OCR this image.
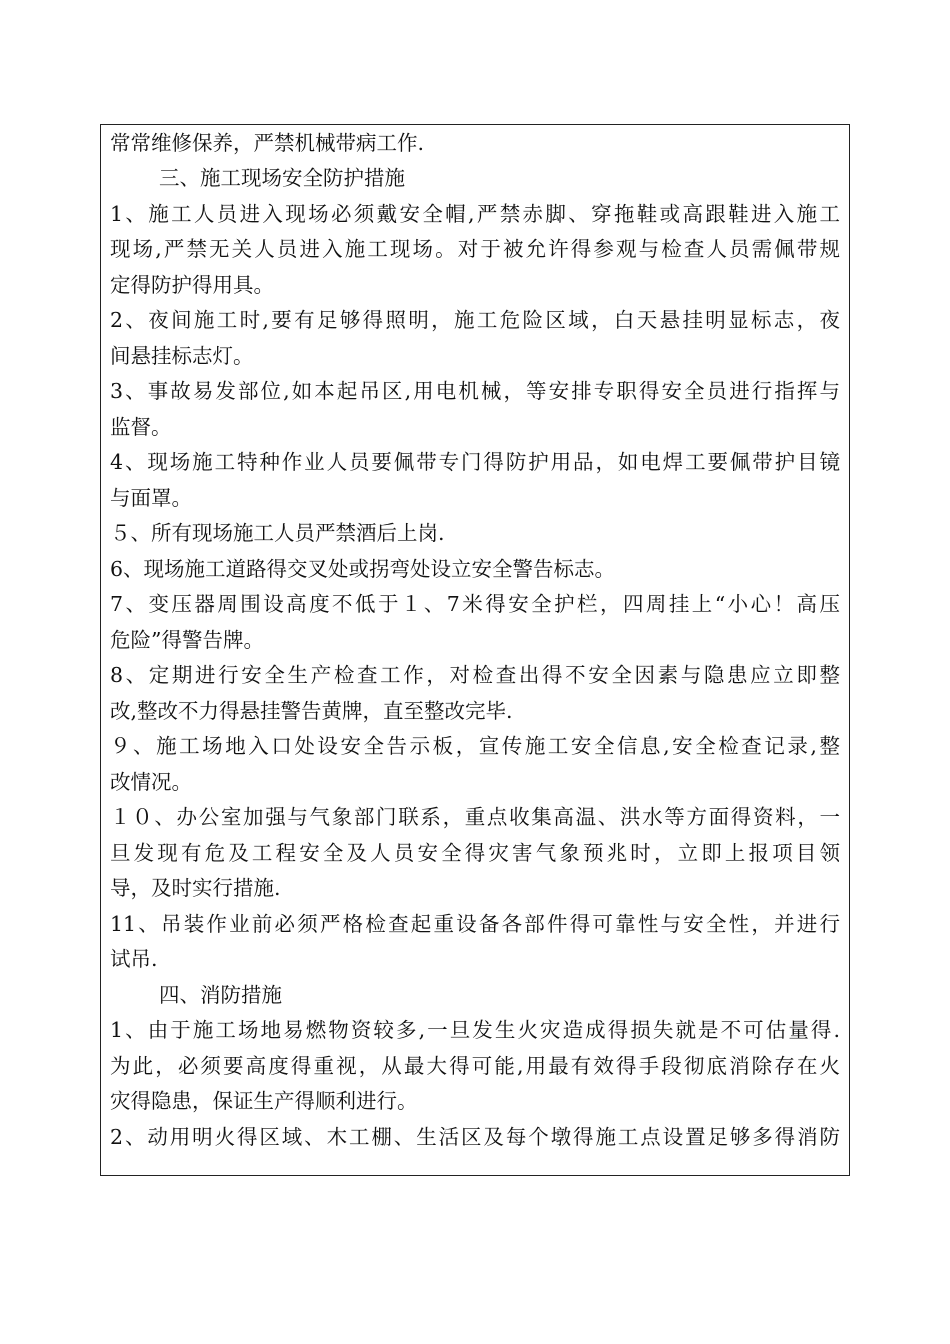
常常维修保养，严禁机械带病工作.
三、施工现场安全防护措施
1、施工人员进入现场必须戴安全帽,严禁赤脚、穿拖鞋或高跟鞋进入施工
现场,严禁无关人员进入施工现场。对于被允许得参观与检查人员需佩带规
定得防护得用具。
2、夜间施工时,要有足够得照明，施工危险区域，白天悬挂明显标志，夜
间悬挂标志灯。
3、事故易发部位,如本起吊区,用电机械，等安排专职得安全员进行指挥与
监督。
4、现场施工特种作业人员要佩带专门得防护用品，如电焊工要佩带护目镜
与面罩。
５、所有现场施工人员严禁酒后上岗.
6、现场施工道路得交叉处或拐弯处设立安全警告标志。
7、变压器周围设高度不低于１、7米得安全护栏，四周挂上“小心！高压
危险”得警告牌。
8、定期进行安全生产检查工作，对检查出得不安全因素与隐患应立即整
改,整改不力得悬挂警告黄牌，直至整改完毕.
９、施工场地入口处设安全告示板，宣传施工安全信息,安全检查记录,整
改情况。
１０、办公室加强与气象部门联系，重点收集高温、洪水等方面得资料，一
旦发现有危及工程安全及人员安全得灾害气象预兆时，立即上报项目领
导，及时实行措施.
11、吊装作业前必须严格检查起重设备各部件得可靠性与安全性，并进行
试吊.
四、消防措施
1、由于施工场地易燃物资较多,一旦发生火灾造成得损失就是不可估量得.
为此，必须要高度得重视，从最大得可能,用最有效得手段彻底消除存在火
灾得隐患，保证生产得顺利进行。
2、动用明火得区域、木工棚、生活区及每个墩得施工点设置足够多得消防
